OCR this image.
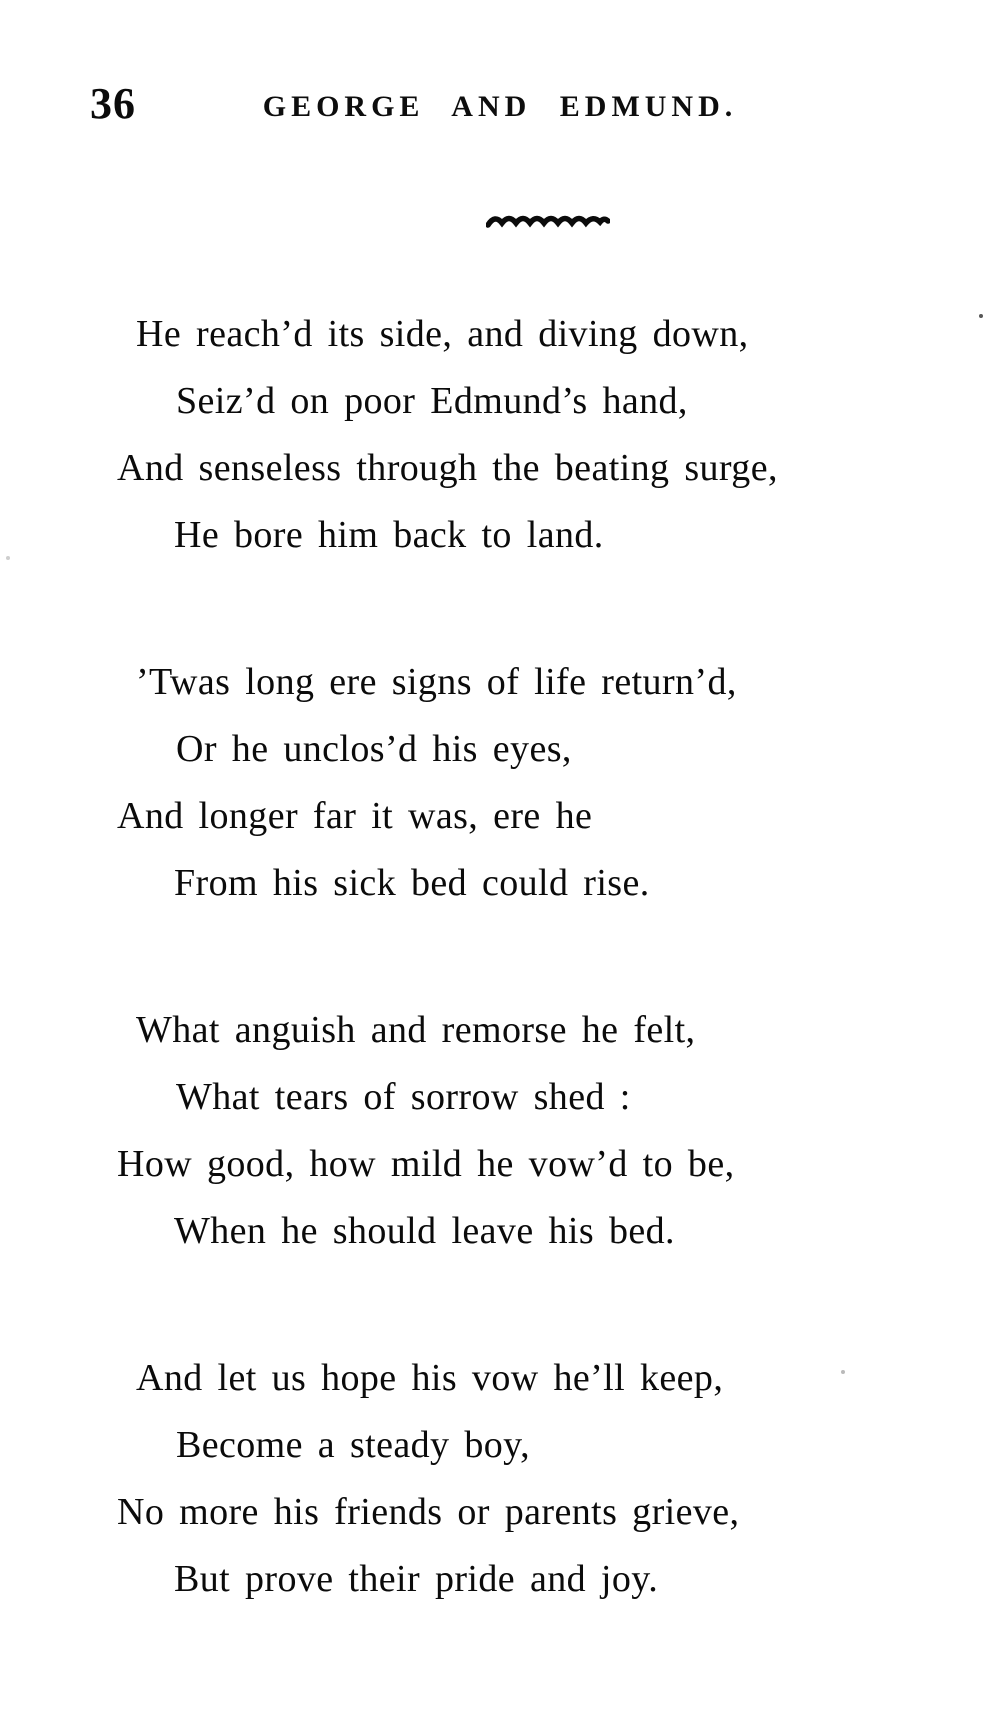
36	GEORGE AND EDMUND.
He reach’d its side, and diving down,
Seiz’d on poor Edmund’s hand,
And senseless through the beating surge,
He bore him back to land.
’Twas long ere signs of life return’d,
Or he unclos’d his eyes,
And longer far it was, ere he
From his sick bed could rise.
What anguish and remorse he felt,
What tears of sorrow shed :
How good, how mild he vow’d to be,
When he should leave his bed.
And let us hope his vow he’ll keep,
Become a steady boy,
No more his friends or parents grieve,
But prove their pride and joy.
